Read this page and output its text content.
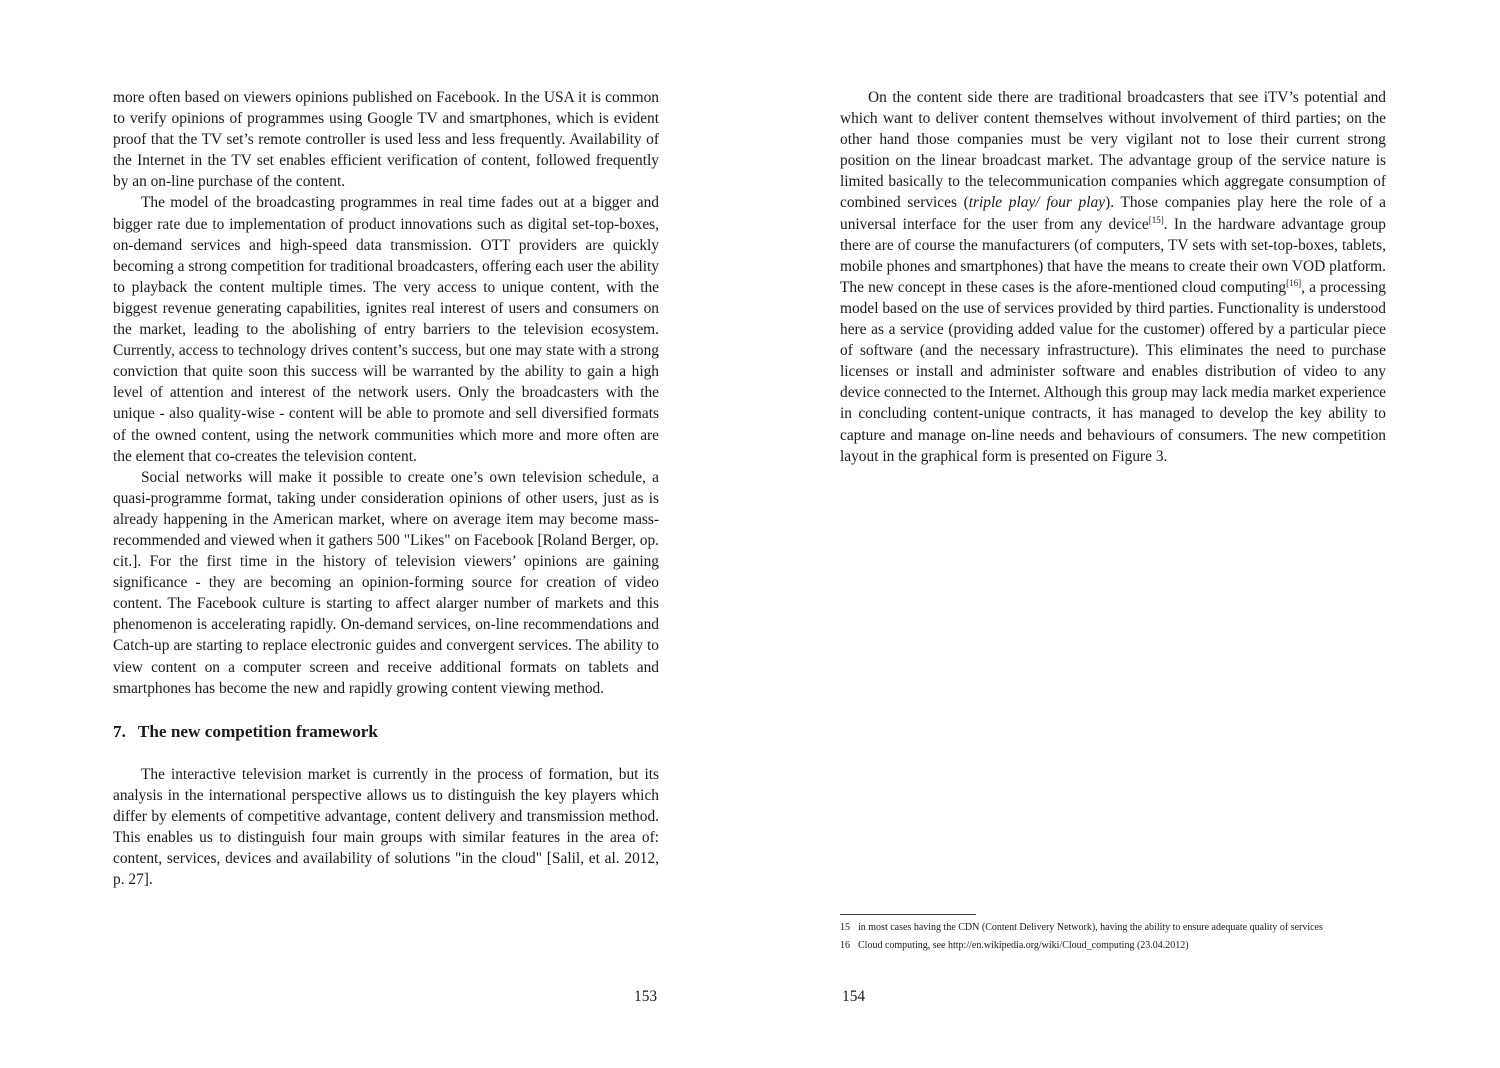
more often based on viewers opinions published on Facebook. In the USA it is common to verify opinions of programmes using Google TV and smartphones, which is evident proof that the TV set’s remote controller is used less and less frequently. Availability of the Internet in the TV set enables efficient verification of content, followed frequently by an on-line purchase of the content.

The model of the broadcasting programmes in real time fades out at a bigger and bigger rate due to implementation of product innovations such as digital set-top-boxes, on-demand services and high-speed data transmission. OTT providers are quickly becoming a strong competition for traditional broadcasters, offering each user the ability to playback the content multiple times. The very access to unique content, with the biggest revenue generating capabilities, ignites real interest of users and consumers on the market, leading to the abolishing of entry barriers to the television ecosystem. Currently, access to technology drives content’s success, but one may state with a strong conviction that quite soon this success will be warranted by the ability to gain a high level of attention and interest of the network users. Only the broadcasters with the unique - also quality-wise - content will be able to promote and sell diversified formats of the owned content, using the network communities which more and more often are the element that co-creates the television content.

Social networks will make it possible to create one’s own television schedule, a quasi-programme format, taking under consideration opinions of other users, just as is already happening in the American market, where on average item may become mass-recommended and viewed when it gathers 500 "Likes" on Facebook [Roland Berger, op. cit.]. For the first time in the history of television viewers’ opinions are gaining significance - they are becoming an opinion-forming source for creation of video content. The Facebook culture is starting to affect alarger number of markets and this phenomenon is accelerating rapidly. On-demand services, on-line recommendations and Catch-up are starting to replace electronic guides and convergent services. The ability to view content on a computer screen and receive additional formats on tablets and smartphones has become the new and rapidly growing content viewing method.

7. The new competition framework

The interactive television market is currently in the process of formation, but its analysis in the international perspective allows us to distinguish the key players which differ by elements of competitive advantage, content delivery and transmission method. This enables us to distinguish four main groups with similar features in the area of: content, services, devices and availability of solutions "in the cloud" [Salil, et al. 2012, p. 27].

153

On the content side there are traditional broadcasters that see iTV’s potential and which want to deliver content themselves without involvement of third parties; on the other hand those companies must be very vigilant not to lose their current strong position on the linear broadcast market. The advantage group of the service nature is limited basically to the telecommunication companies which aggregate consumption of combined services (triple play/ four play). Those companies play here the role of a universal interface for the user from any device[15]. In the hardware advantage group there are of course the manufacturers (of computers, TV sets with set-top-boxes, tablets, mobile phones and smartphones) that have the means to create their own VOD platform. The new concept in these cases is the afore-mentioned cloud computing[16], a processing model based on the use of services provided by third parties. Functionality is understood here as a service (providing added value for the customer) offered by a particular piece of software (and the necessary infrastructure). This eliminates the need to purchase licenses or install and administer software and enables distribution of video to any device connected to the Internet. Although this group may lack media market experience in concluding content-unique contracts, it has managed to develop the key ability to capture and manage on-line needs and behaviours of consumers. The new competition layout in the graphical form is presented on Figure 3.

15 in most cases having the CDN (Content Delivery Network), having the ability to ensure adequate quality of services
16 Cloud computing, see http://en.wikipedia.org/wiki/Cloud_computing (23.04.2012)
154
